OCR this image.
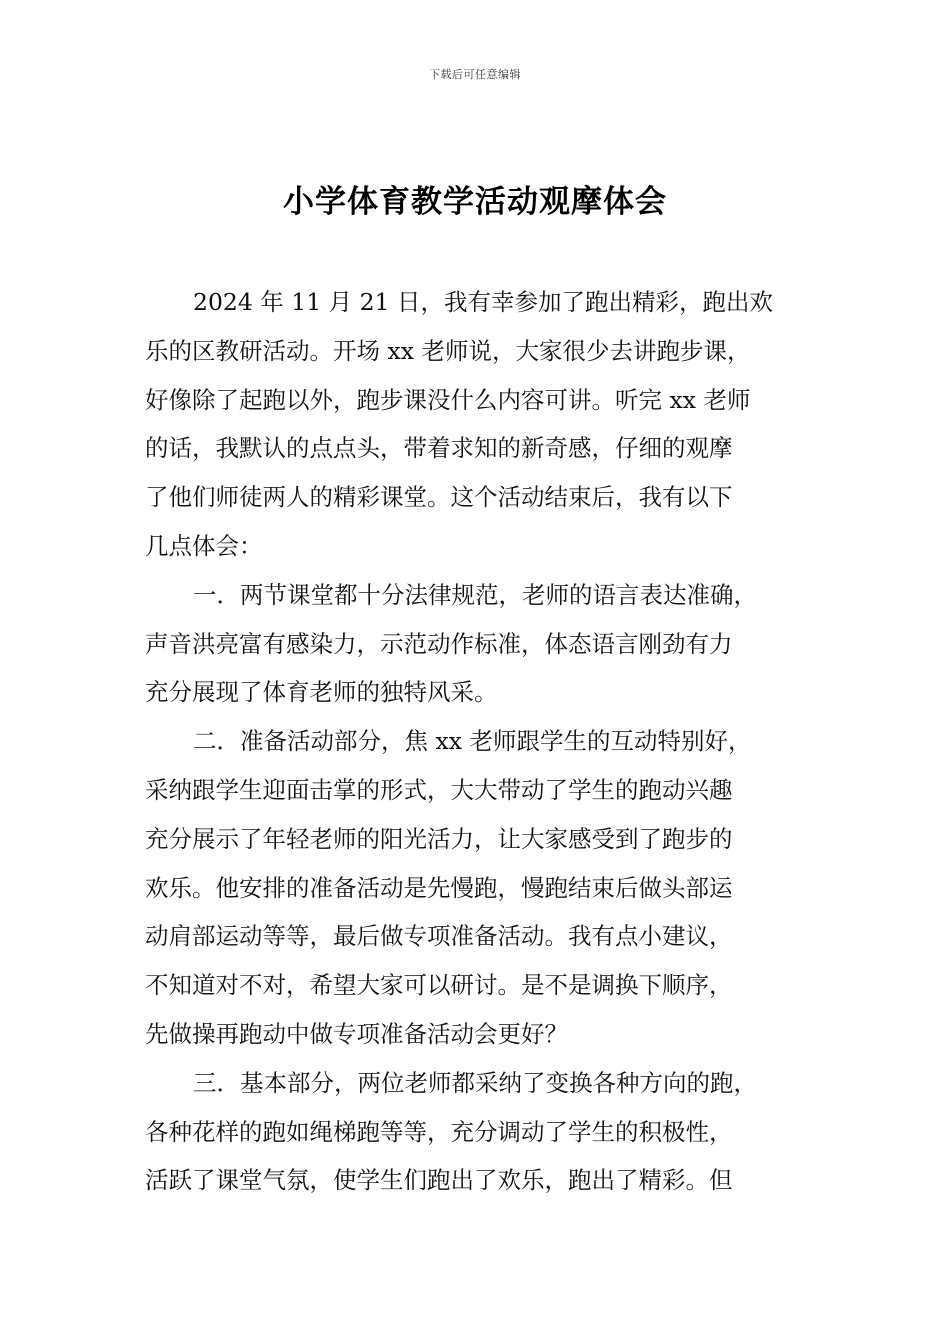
下载后可任意编辑
小学体育教学活动观摩体会
2024 年 11 月 21 日，我有幸参加了跑出精彩，跑出欢
乐的区教研活动。开场 xx 老师说，大家很少去讲跑步课，
好像除了起跑以外，跑步课没什么内容可讲。听完 xx 老师
的话，我默认的点点头，带着求知的新奇感，仔细的观摩
了他们师徒两人的精彩课堂。这个活动结束后，我有以下
几点体会：
一．两节课堂都十分法律规范，老师的语言表达准确，
声音洪亮富有感染力，示范动作标准，体态语言刚劲有力
充分展现了体育老师的独特风采。
二．准备活动部分，焦 xx 老师跟学生的互动特别好，
采纳跟学生迎面击掌的形式，大大带动了学生的跑动兴趣
充分展示了年轻老师的阳光活力，让大家感受到了跑步的
欢乐。他安排的准备活动是先慢跑，慢跑结束后做头部运
动肩部运动等等，最后做专项准备活动。我有点小建议，
不知道对不对，希望大家可以研讨。是不是调换下顺序，
先做操再跑动中做专项准备活动会更好？
三．基本部分，两位老师都采纳了变换各种方向的跑，
各种花样的跑如绳梯跑等等，充分调动了学生的积极性，
活跃了课堂气氛，使学生们跑出了欢乐，跑出了精彩。但
